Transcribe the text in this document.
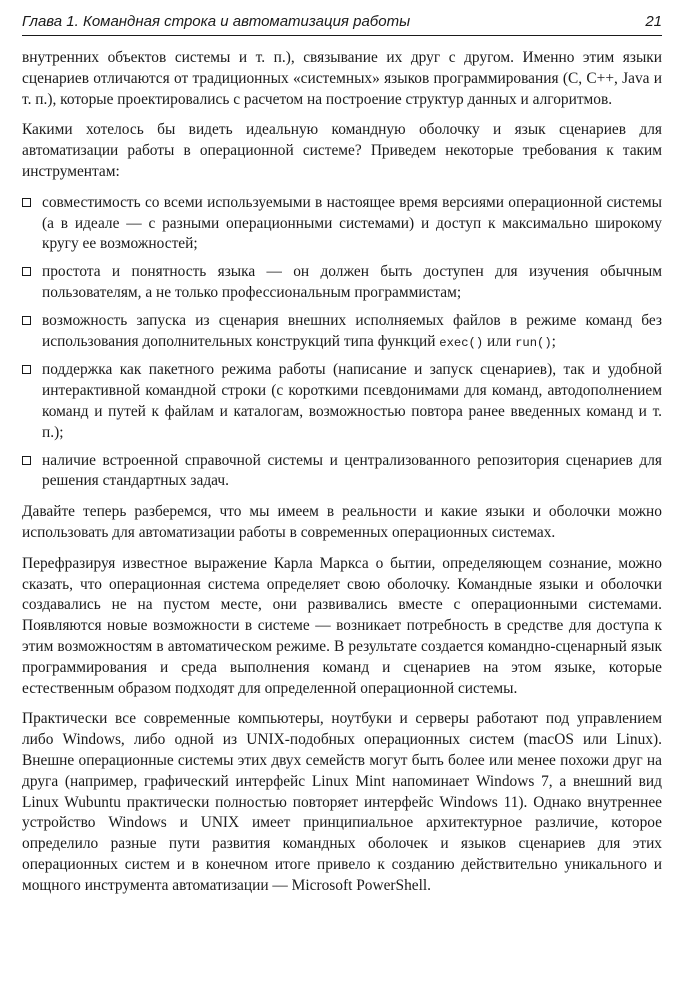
Глава 1. Командная строка и автоматизация работы	21

внутренних объектов системы и т. п.), связывание их друг с другом. Именно этим языки сценариев отличаются от традиционных «системных» языков программирования (C, C++, Java и т. п.), которые проектировались с расчетом на построение структур данных и алгоритмов.

Какими хотелось бы видеть идеальную командную оболочку и язык сценариев для автоматизации работы в операционной системе? Приведем некоторые требования к таким инструментам:

совместимость со всеми используемыми в настоящее время версиями операционной системы (а в идеале — с разными операционными системами) и доступ к максимально широкому кругу ее возможностей;
простота и понятность языка — он должен быть доступен для изучения обычным пользователям, а не только профессиональным программистам;
возможность запуска из сценария внешних исполняемых файлов в режиме команд без использования дополнительных конструкций типа функций exec() или run();
поддержка как пакетного режима работы (написание и запуск сценариев), так и удобной интерактивной командной строки (с короткими псевдонимами для команд, автодополнением команд и путей к файлам и каталогам, возможностью повтора ранее введенных команд и т. п.);
наличие встроенной справочной системы и централизованного репозитория сценариев для решения стандартных задач.

Давайте теперь разберемся, что мы имеем в реальности и какие языки и оболочки можно использовать для автоматизации работы в современных операционных системах.

Перефразируя известное выражение Карла Маркса о бытии, определяющем сознание, можно сказать, что операционная система определяет свою оболочку. Командные языки и оболочки создавались не на пустом месте, они развивались вместе с операционными системами. Появляются новые возможности в системе — возникает потребность в средстве для доступа к этим возможностям в автоматическом режиме. В результате создается командно-сценарный язык программирования и среда выполнения команд и сценариев на этом языке, которые естественным образом подходят для определенной операционной системы.

Практически все современные компьютеры, ноутбуки и серверы работают под управлением либо Windows, либо одной из UNIX-подобных операционных систем (macOS или Linux). Внешне операционные системы этих двух семейств могут быть более или менее похожи друг на друга (например, графический интерфейс Linux Mint напоминает Windows 7, а внешний вид Linux Wubuntu практически полностью повторяет интерфейс Windows 11). Однако внутреннее устройство Windows и UNIX имеет принципиальное архитектурное различие, которое определило разные пути развития командных оболочек и языков сценариев для этих операционных систем и в конечном итоге привело к созданию действительно уникального и мощного инструмента автоматизации — Microsoft PowerShell.
